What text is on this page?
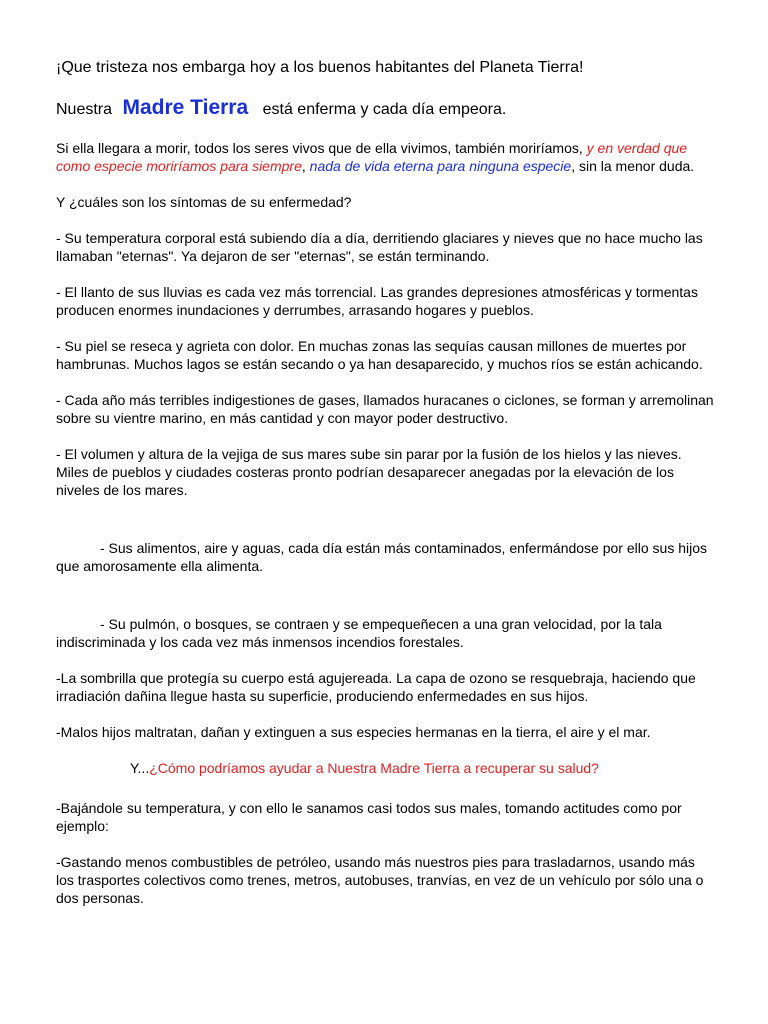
¡Que tristeza nos embarga hoy a los buenos habitantes del Planeta Tierra!

Nuestra Madre Tierra está enferma y cada día empeora.

Si ella llegara a morir, todos los seres vivos que de ella vivimos, también moriríamos, y en verdad que como especie moriríamos para siempre, nada de vida eterna para ninguna especie, sin la menor duda.

Y ¿cuáles son los síntomas de su enfermedad?

- Su temperatura corporal está subiendo día a día, derritiendo glaciares y nieves que no hace mucho las llamaban "eternas". Ya dejaron de ser "eternas", se están terminando.

- El llanto de sus lluvias es cada vez más torrencial. Las grandes depresiones atmosféricas y tormentas producen enormes inundaciones y derrumbes, arrasando hogares y pueblos.

- Su piel se reseca y agrieta con dolor. En muchas zonas las sequías causan millones de muertes por hambrunas. Muchos lagos se están secando o ya han desaparecido, y muchos ríos se están achicando.

- Cada año más terribles indigestiones de gases, llamados huracanes o ciclones, se forman y arremolinan sobre su vientre marino, en más cantidad y con mayor poder destructivo.

- El volumen y altura de la vejiga de sus mares sube sin parar por la fusión de los hielos y las nieves. Miles de pueblos y ciudades costeras pronto podrían desaparecer anegadas por la elevación de los niveles de los mares.

- Sus alimentos, aire y aguas, cada día están más contaminados, enfermándose por ello sus hijos que amorosamente ella alimenta.

- Su pulmón, o bosques, se contraen y se empequeñecen a una gran velocidad, por la tala indiscriminada y los cada vez más inmensos incendios forestales.

-La sombrilla que protegía su cuerpo está agujereada. La capa de ozono se resquebraja, haciendo que irradiación dañina llegue hasta su superficie, produciendo enfermedades en sus hijos.

-Malos hijos maltratan, dañan y extinguen a sus especies hermanas en la tierra, el aire y el mar.

Y...¿Cómo podríamos ayudar a Nuestra Madre Tierra a recuperar su salud?

-Bajándole su temperatura, y con ello le sanamos casi todos sus males, tomando actitudes como por ejemplo:

-Gastando menos combustibles de petróleo, usando más nuestros pies para trasladarnos, usando más los trasportes colectivos como trenes, metros, autobuses, tranvías, en vez de un vehículo por sólo una o dos personas.
